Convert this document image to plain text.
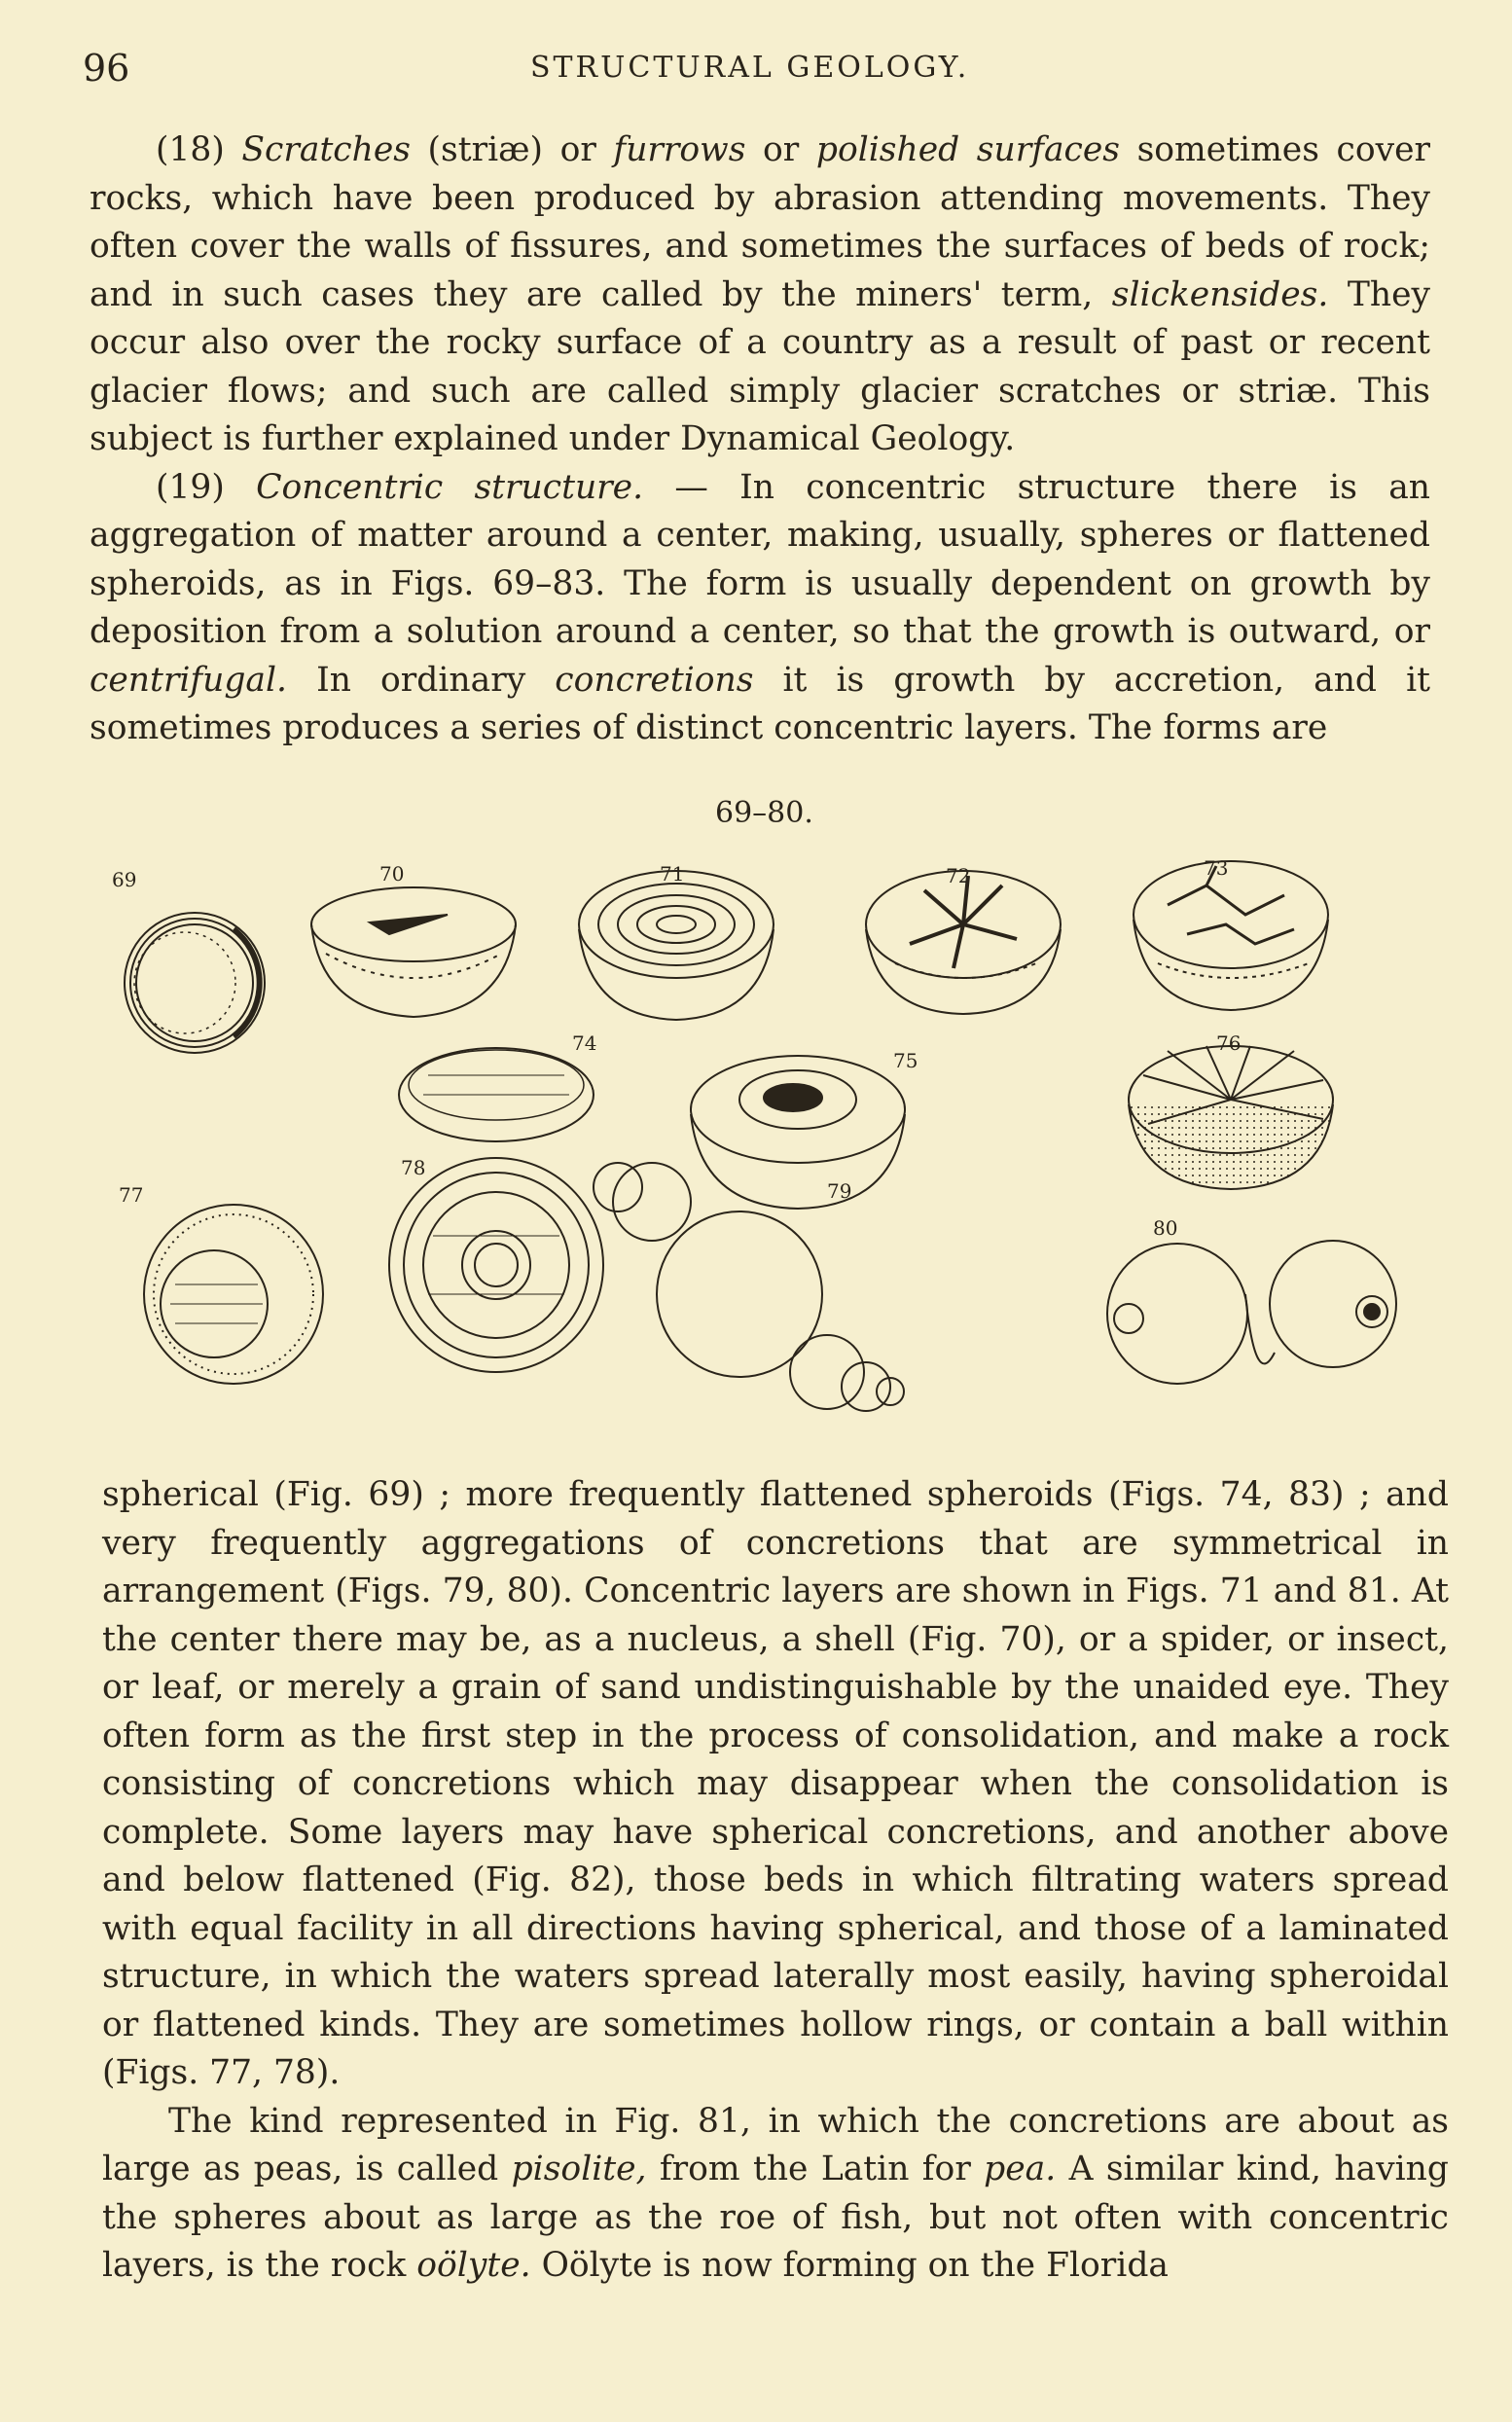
96	STRUCTURAL GEOLOGY.

(18) Scratches (striæ) or furrows or polished surfaces sometimes cover rocks, which have been produced by abrasion attending movements. They often cover the walls of fissures, and sometimes the surfaces of beds of rock; and in such cases they are called by the miners' term, slickensides. They occur also over the rocky surface of a country as a result of past or recent glacier flows; and such are called simply glacier scratches or striæ. This subject is further explained under Dynamical Geology.

(19) Concentric structure. — In concentric structure there is an aggregation of matter around a center, making, usually, spheres or flattened spheroids, as in Figs. 69–83. The form is usually dependent on growth by deposition from a solution around a center, so that the growth is outward, or centrifugal. In ordinary concretions it is growth by accretion, and it sometimes produces a series of distinct concentric layers. The forms are

69–80.
69	70	71	72	73
74
75
76
77
78
79
80

spherical (Fig. 69) ; more frequently flattened spheroids (Figs. 74, 83) ; and very frequently aggregations of concretions that are symmetrical in arrangement (Figs. 79, 80). Concentric layers are shown in Figs. 71 and 81. At the center there may be, as a nucleus, a shell (Fig. 70), or a spider, or insect, or leaf, or merely a grain of sand undistinguishable by the unaided eye. They often form as the first step in the process of consolidation, and make a rock consisting of concretions which may disappear when the consolidation is complete. Some layers may have spherical concretions, and another above and below flattened (Fig. 82), those beds in which filtrating waters spread with equal facility in all directions having spherical, and those of a laminated structure, in which the waters spread laterally most easily, having spheroidal or flattened kinds. They are sometimes hollow rings, or contain a ball within (Figs. 77, 78).

The kind represented in Fig. 81, in which the concretions are about as large as peas, is called pisolite, from the Latin for pea. A similar kind, having the spheres about as large as the roe of fish, but not often with concentric layers, is the rock oölyte. Oölyte is now forming on the Florida
